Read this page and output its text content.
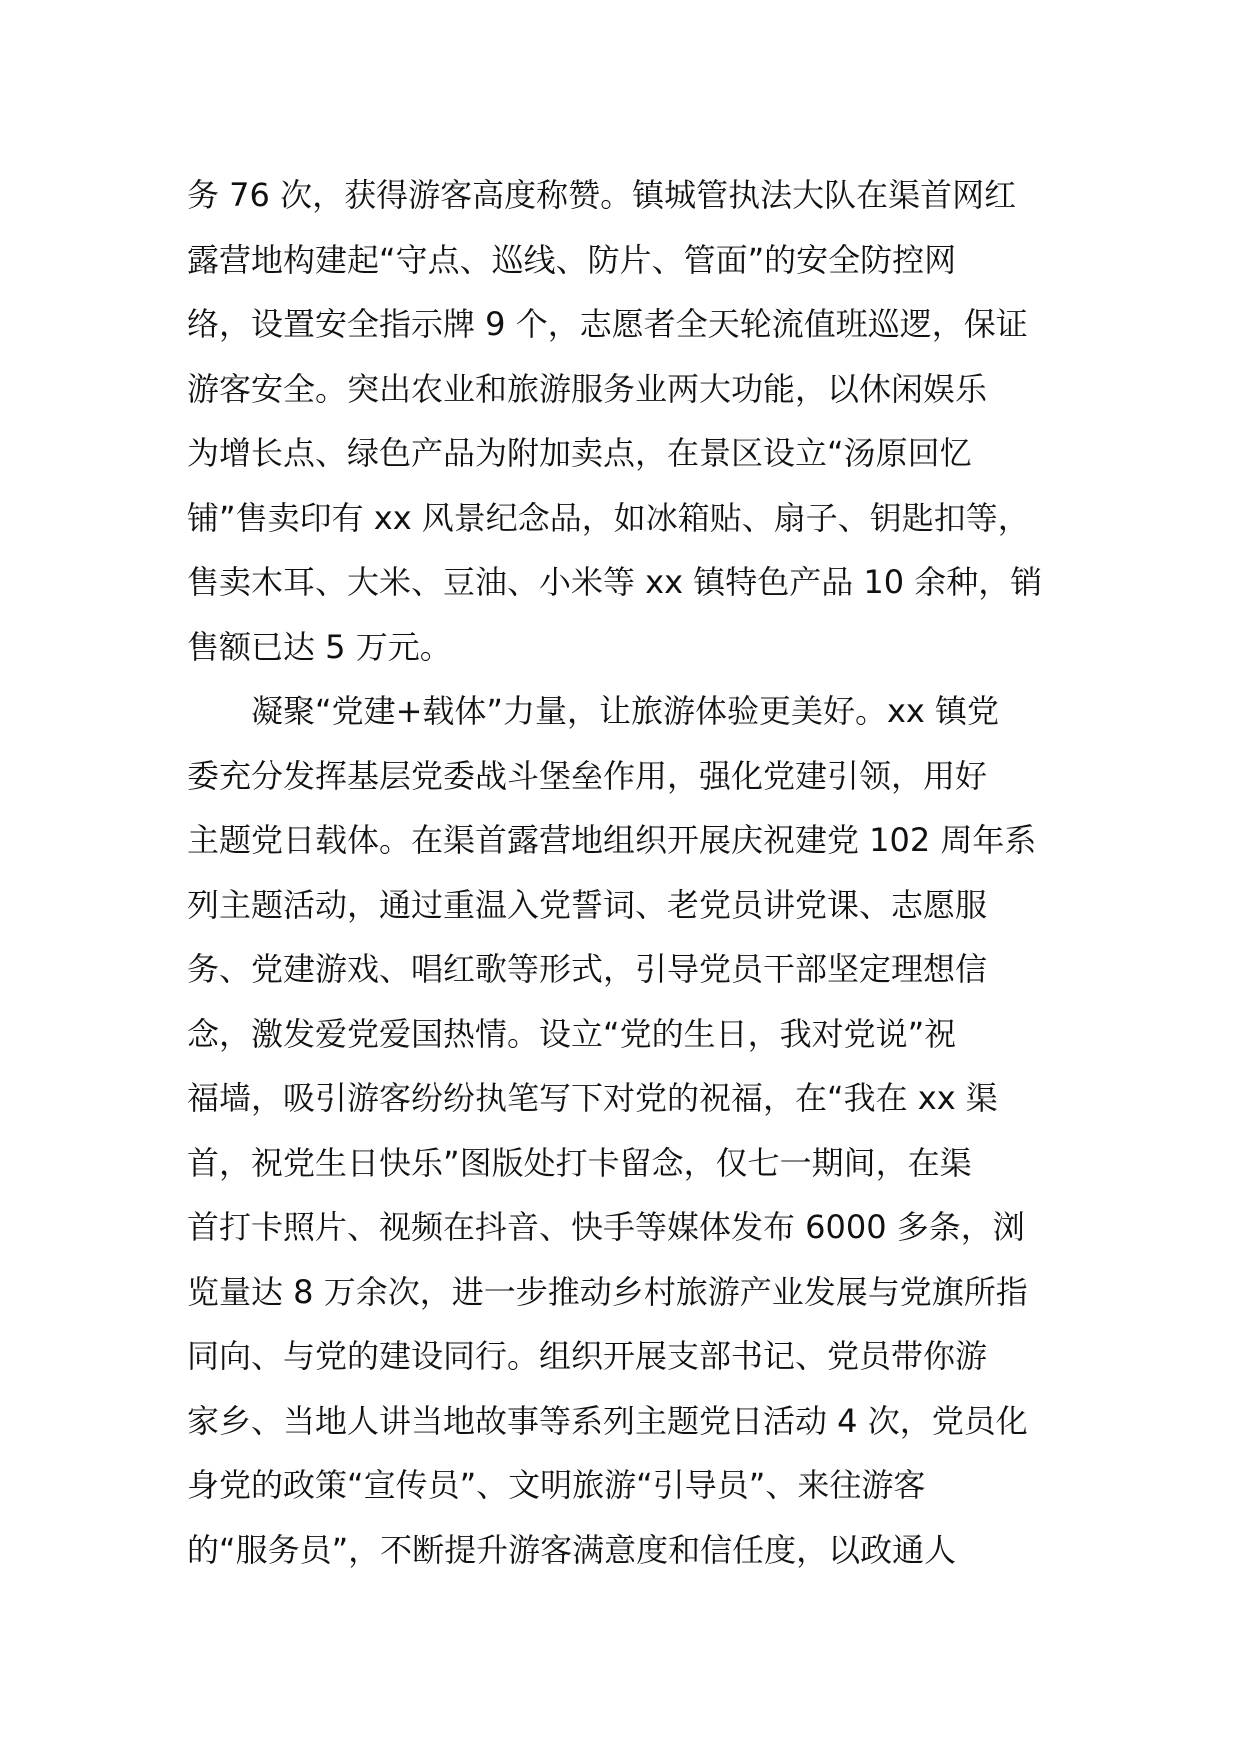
务 76 次，获得游客高度称赞。镇城管执法大队在渠首网红
露营地构建起“守点、巡线、防片、管面”的安全防控网
络，设置安全指示牌 9 个，志愿者全天轮流值班巡逻，保证
游客安全。突出农业和旅游服务业两大功能，以休闲娱乐
为增长点、绿色产品为附加卖点，在景区设立“汤原回忆
铺”售卖印有 xx 风景纪念品，如冰箱贴、扇子、钥匙扣等，
售卖木耳、大米、豆油、小米等 xx 镇特色产品 10 余种，销
售额已达 5 万元。
凝聚“党建+载体”力量，让旅游体验更美好。xx 镇党
委充分发挥基层党委战斗堡垒作用，强化党建引领，用好
主题党日载体。在渠首露营地组织开展庆祝建党 102 周年系
列主题活动，通过重温入党誓词、老党员讲党课、志愿服
务、党建游戏、唱红歌等形式，引导党员干部坚定理想信
念，激发爱党爱国热情。设立“党的生日，我对党说”祝
福墙，吸引游客纷纷执笔写下对党的祝福，在“我在 xx 渠
首，祝党生日快乐”图版处打卡留念，仅七一期间，在渠
首打卡照片、视频在抖音、快手等媒体发布 6000 多条，浏
览量达 8 万余次，进一步推动乡村旅游产业发展与党旗所指
同向、与党的建设同行。组织开展支部书记、党员带你游
家乡、当地人讲当地故事等系列主题党日活动 4 次，党员化
身党的政策“宣传员”、文明旅游“引导员”、来往游客
的“服务员”，不断提升游客满意度和信任度，以政通人
